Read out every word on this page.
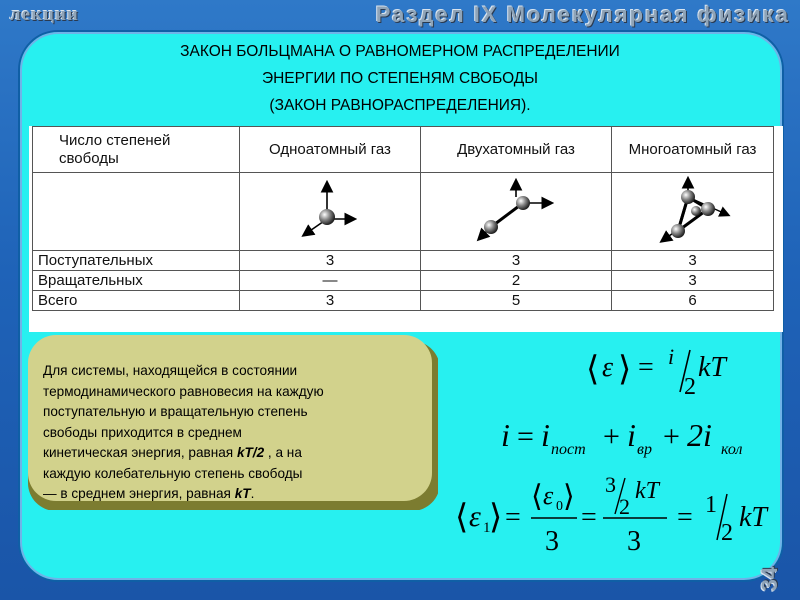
лекции	Раздел IX Молекулярная физика
ЗАКОН БОЛЬЦМАНА О РАВНОМЕРНОМ РАСПРЕДЕЛЕНИИ
ЭНЕРГИИ ПО СТЕПЕНЯМ СВОБОДЫ
(ЗАКОН РАВНОРАСПРЕДЕЛЕНИЯ).
Число степеней
свободы	Одноатомный газ	Двухатомный газ	Многоатомный газ

Поступательных	3	3	3
Вращательных	—	2	3
Всего	3	5	6
Для системы, находящейся в состоянии
термодинамического равновесия на каждую
поступательную и вращательную степень
свободы приходится в среднем
кинетическая энергия, равная kT/2 , а на
каждую колебательную степень свободы
— в среднем энергия, равная kT.
⟨ ε ⟩ = i
2
kT
i = i пост + i вр + 2i кол
⟨ ε 1
⟩ =
⟨ ε 0 ⟩
3
=
3
2
kT
3
= 1
2 kT
34
